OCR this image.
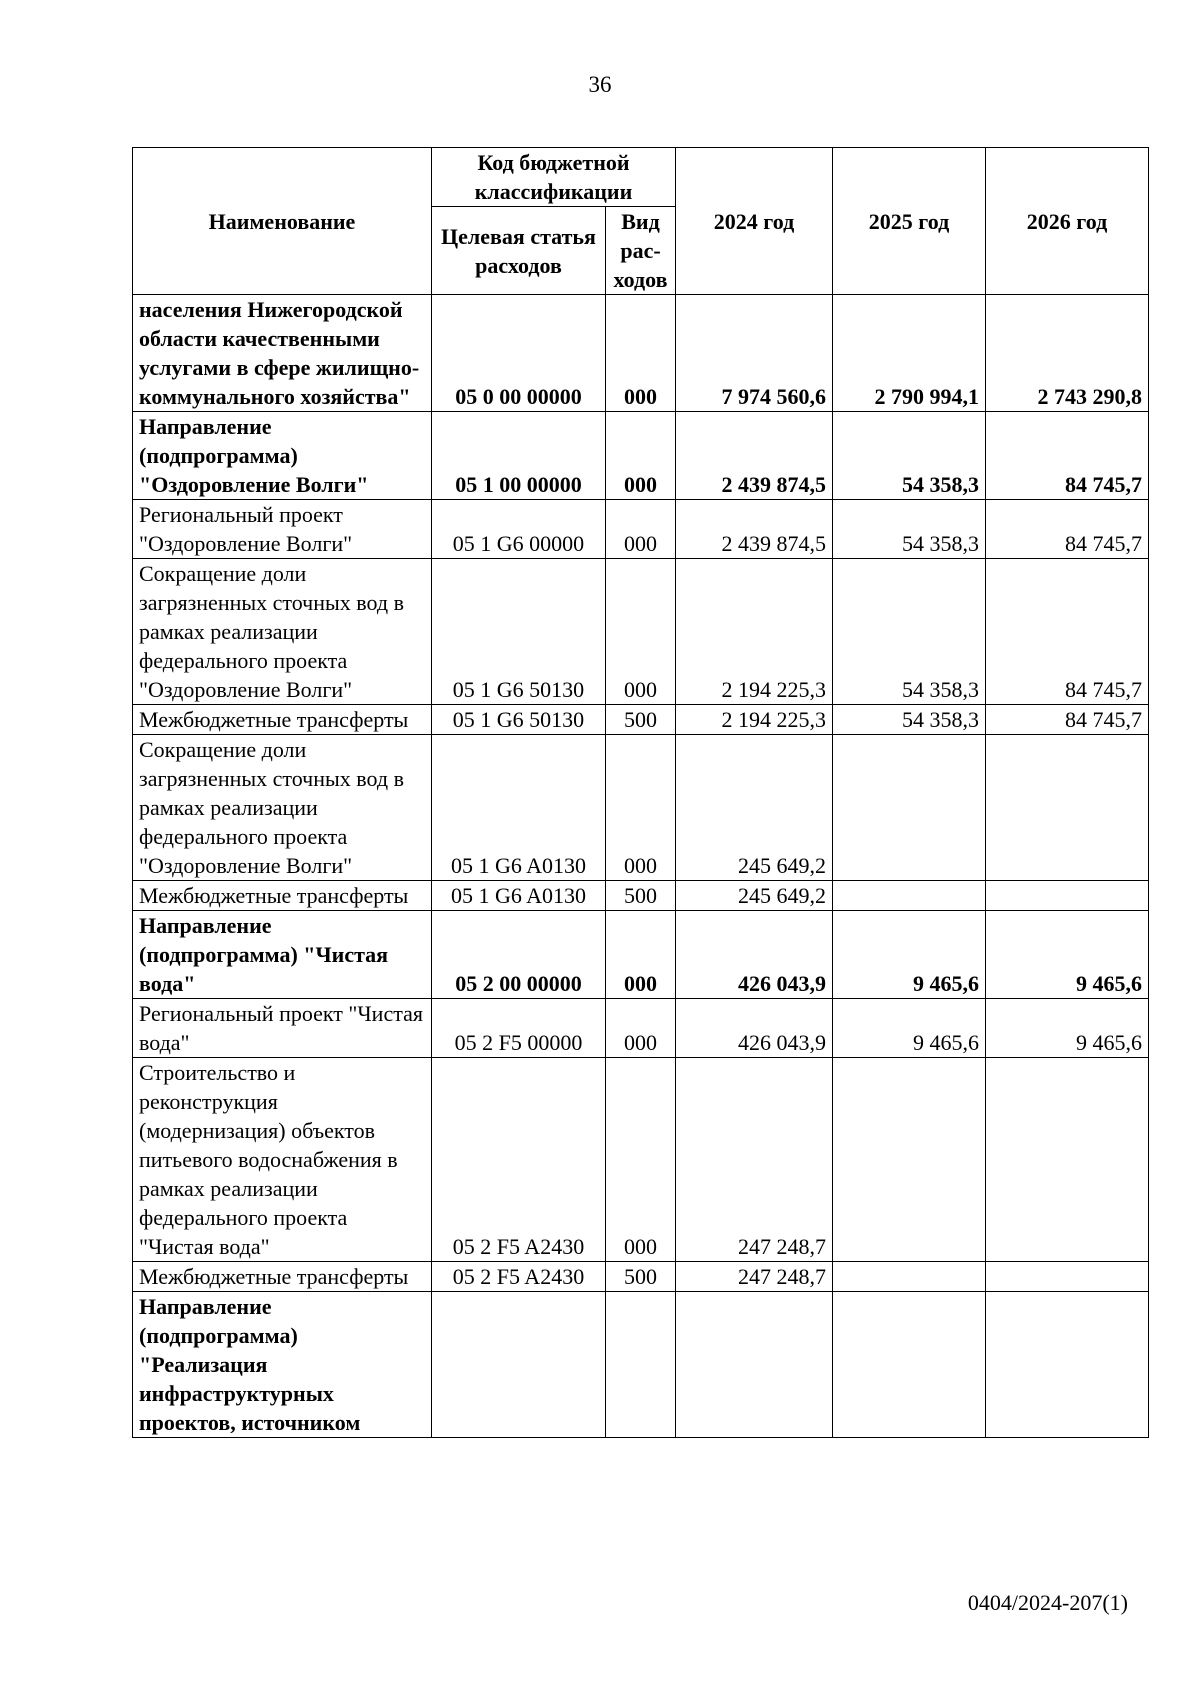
36
Наименование	Код бюджетной классификации		2024 год	2025 год	2026 год
	Целевая статья расходов	Вид рас-ходов			
населения Нижегородской области качественными услугами в сфере жилищно-коммунального хозяйства"	05 0 00 00000	000	7 974 560,6	2 790 994,1	2 743 290,8
Направление (подпрограмма) "Оздоровление Волги"	05 1 00 00000	000	2 439 874,5	54 358,3	84 745,7
Региональный проект "Оздоровление Волги"	05 1 G6 00000	000	2 439 874,5	54 358,3	84 745,7
Сокращение доли загрязненных сточных вод в рамках реализации федерального проекта "Оздоровление Волги"	05 1 G6 50130	000	2 194 225,3	54 358,3	84 745,7
Межбюджетные трансферты	05 1 G6 50130	500	2 194 225,3	54 358,3	84 745,7
Сокращение доли загрязненных сточных вод в рамках реализации федерального проекта "Оздоровление Волги"	05 1 G6 A0130	000	245 649,2		
Межбюджетные трансферты	05 1 G6 A0130	500	245 649,2		
Направление (подпрограмма) "Чистая вода"	05 2 00 00000	000	426 043,9	9 465,6	9 465,6
Региональный проект "Чистая вода"	05 2 F5 00000	000	426 043,9	9 465,6	9 465,6
Строительство и реконструкция (модернизация) объектов питьевого водоснабжения в рамках реализации федерального проекта "Чистая вода"	05 2 F5 A2430	000	247 248,7		
Межбюджетные трансферты	05 2 F5 A2430	500	247 248,7		
Направление (подпрограмма) "Реализация инфраструктурных проектов, источником					
0404/2024-207(1)
